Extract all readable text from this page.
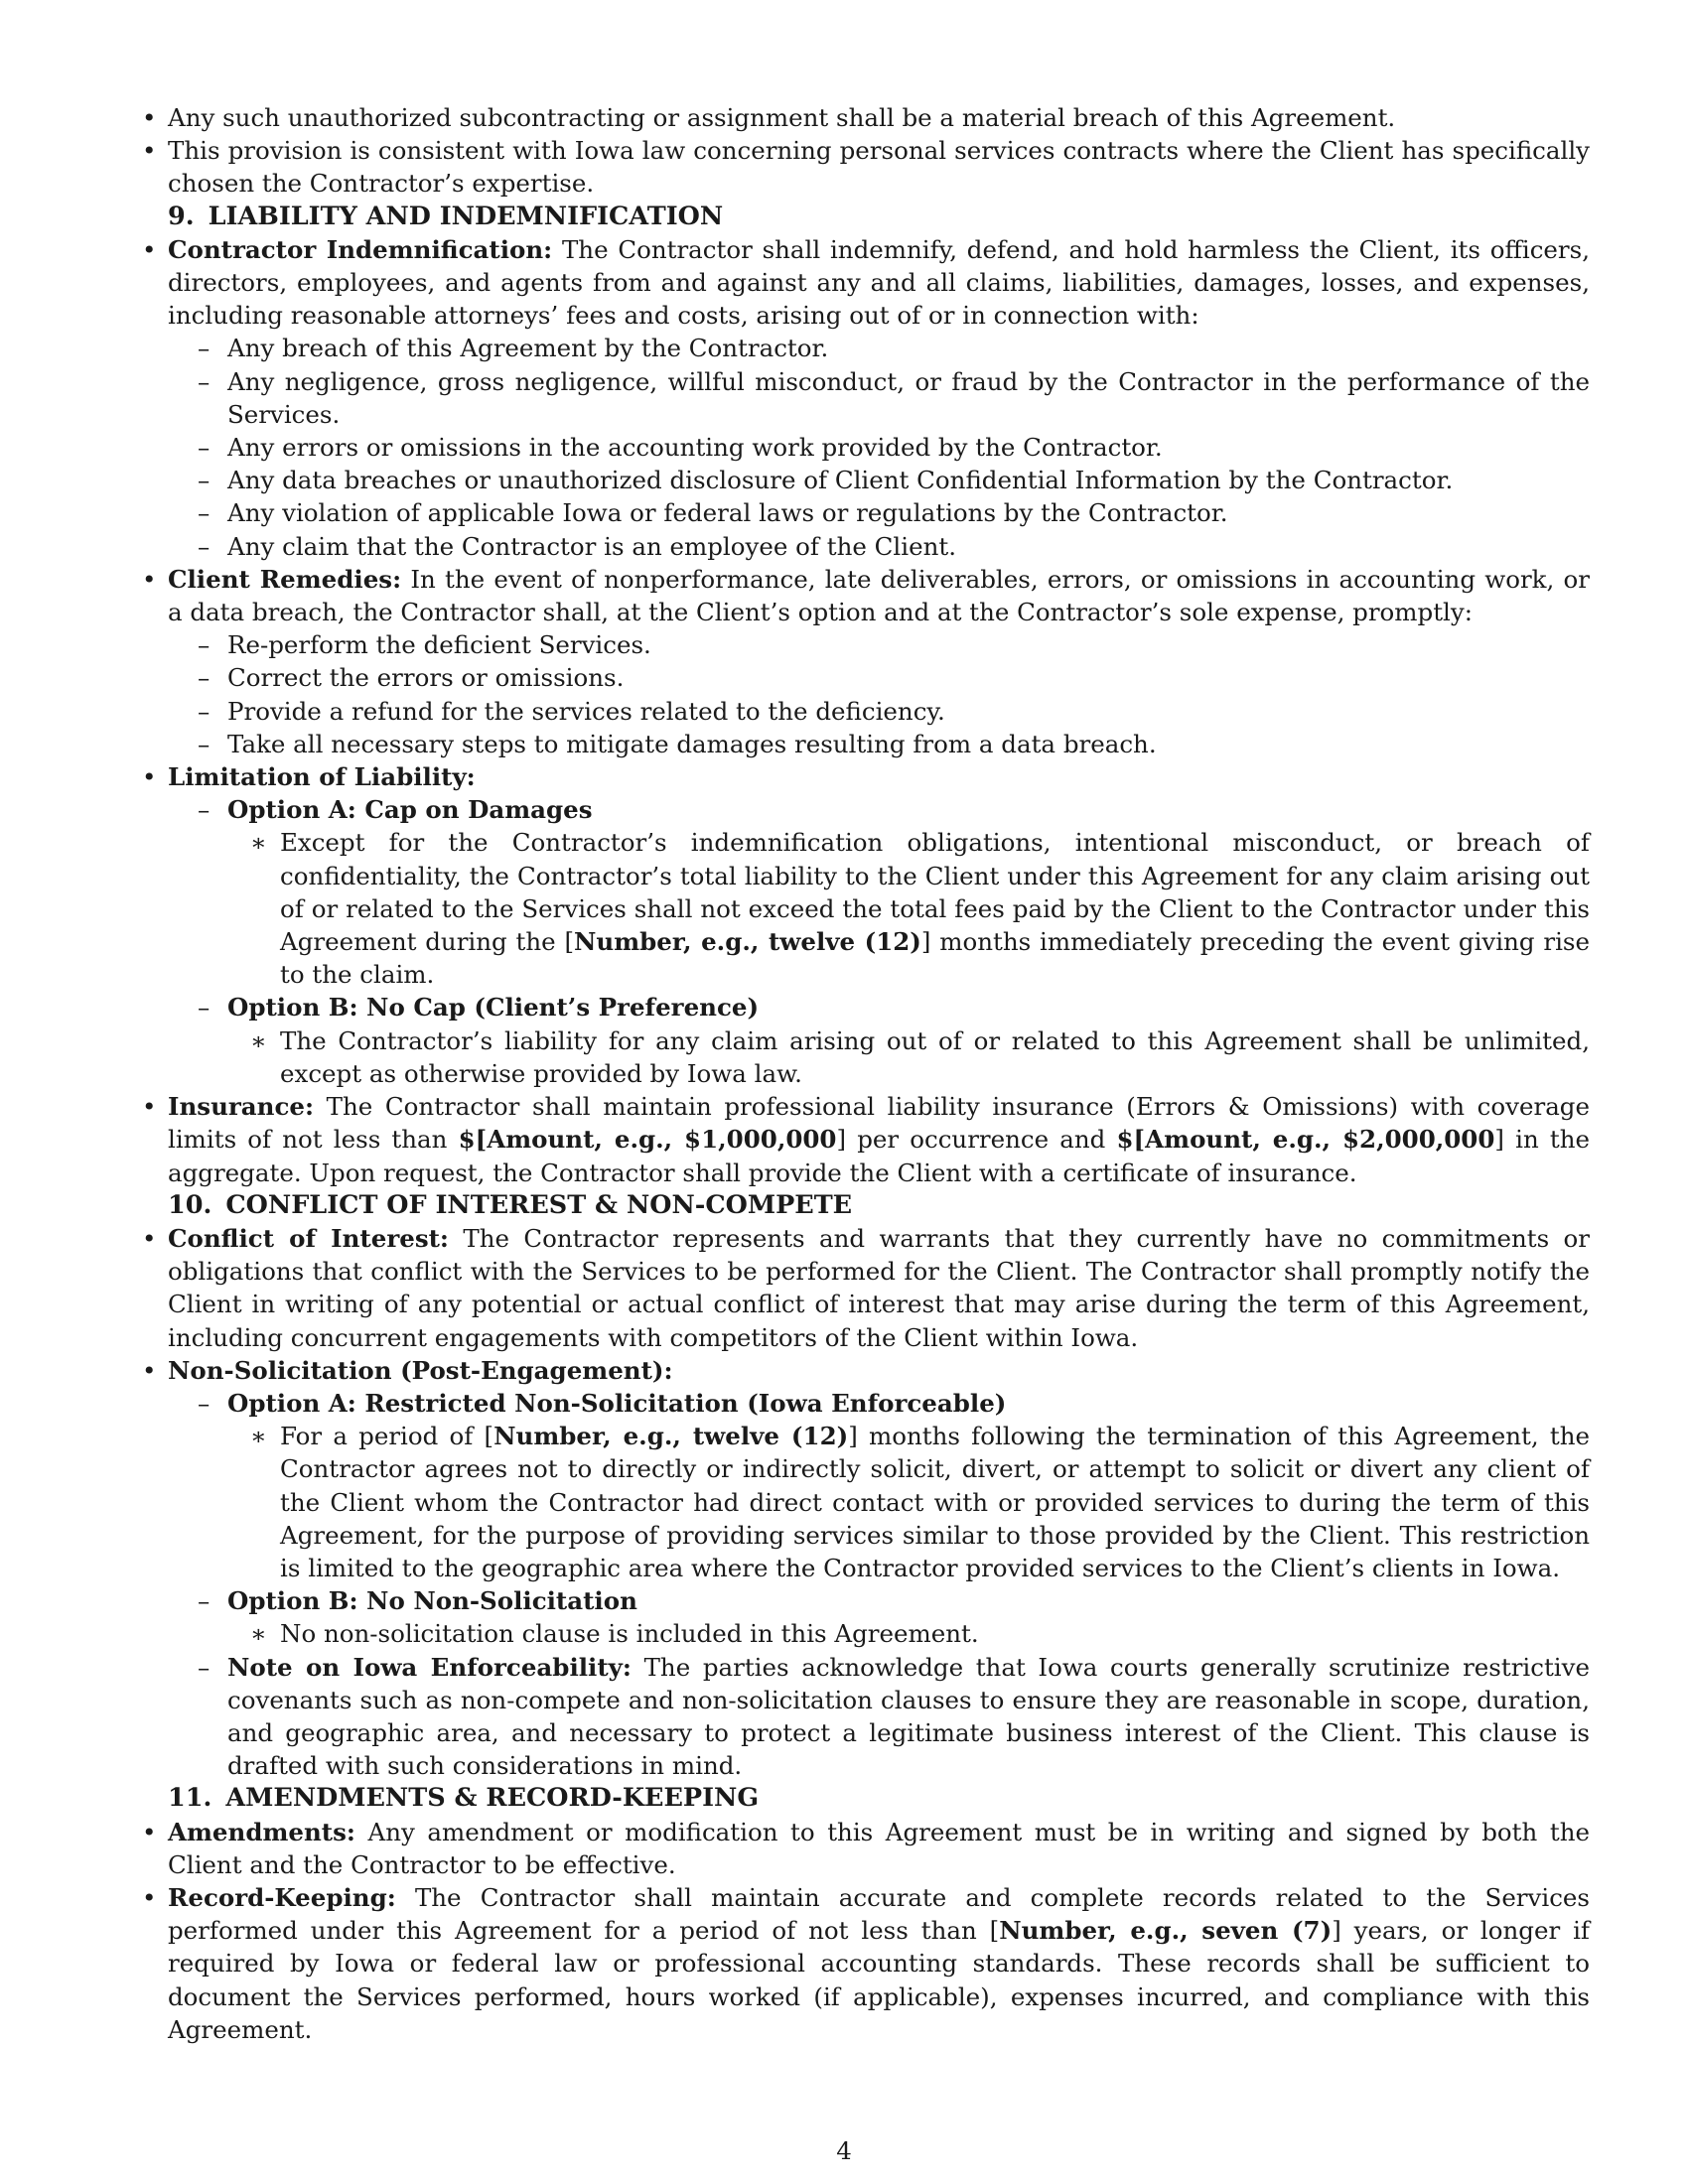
• Any such unauthorized subcontracting or assignment shall be a material breach of this Agreement.

• This provision is consistent with Iowa law concerning personal services contracts where the Client has specifically chosen the Contractor’s expertise.

9. LIABILITY AND INDEMNIFICATION

• Contractor Indemnification: The Contractor shall indemnify, defend, and hold harmless the Client, its officers, directors, employees, and agents from and against any and all claims, liabilities, damages, losses, and expenses, including reasonable attorneys’ fees and costs, arising out of or in connection with:

– Any breach of this Agreement by the Contractor.

– Any negligence, gross negligence, willful misconduct, or fraud by the Contractor in the performance of the Services.

– Any errors or omissions in the accounting work provided by the Contractor.

– Any data breaches or unauthorized disclosure of Client Confidential Information by the Contractor.

– Any violation of applicable Iowa or federal laws or regulations by the Contractor.

– Any claim that the Contractor is an employee of the Client.

• Client Remedies: In the event of nonperformance, late deliverables, errors, or omissions in accounting work, or a data breach, the Contractor shall, at the Client’s option and at the Contractor’s sole expense, promptly:

– Re-perform the deficient Services.

– Correct the errors or omissions.

– Provide a refund for the services related to the deficiency.

– Take all necessary steps to mitigate damages resulting from a data breach.

• Limitation of Liability:

– Option A: Cap on Damages

∗ Except for the Contractor’s indemnification obligations, intentional misconduct, or breach of confidentiality, the Contractor’s total liability to the Client under this Agreement for any claim arising out of or related to the Services shall not exceed the total fees paid by the Client to the Contractor under this Agreement during the [Number, e.g., twelve (12)] months immediately preceding the event giving rise to the claim.

– Option B: No Cap (Client’s Preference)

∗ The Contractor’s liability for any claim arising out of or related to this Agreement shall be unlimited, except as otherwise provided by Iowa law.

• Insurance: The Contractor shall maintain professional liability insurance (Errors & Omissions) with coverage limits of not less than $[Amount, e.g., $1,000,000] per occurrence and $[Amount, e.g., $2,000,000] in the aggregate. Upon request, the Contractor shall provide the Client with a certificate of insurance.

10. CONFLICT OF INTEREST & NON-COMPETE

• Conflict of Interest: The Contractor represents and warrants that they currently have no commitments or obligations that conflict with the Services to be performed for the Client. The Contractor shall promptly notify the Client in writing of any potential or actual conflict of interest that may arise during the term of this Agreement, including concurrent engagements with competitors of the Client within Iowa.

• Non-Solicitation (Post-Engagement):

– Option A: Restricted Non-Solicitation (Iowa Enforceable)

∗ For a period of [Number, e.g., twelve (12)] months following the termination of this Agreement, the Contractor agrees not to directly or indirectly solicit, divert, or attempt to solicit or divert any client of the Client whom the Contractor had direct contact with or provided services to during the term of this Agreement, for the purpose of providing services similar to those provided by the Client. This restriction is limited to the geographic area where the Contractor provided services to the Client’s clients in Iowa.

– Option B: No Non-Solicitation

∗ No non-solicitation clause is included in this Agreement.

– Note on Iowa Enforceability: The parties acknowledge that Iowa courts generally scrutinize restrictive covenants such as non-compete and non-solicitation clauses to ensure they are reasonable in scope, duration, and geographic area, and necessary to protect a legitimate business interest of the Client. This clause is drafted with such considerations in mind.

11. AMENDMENTS & RECORD-KEEPING

• Amendments: Any amendment or modification to this Agreement must be in writing and signed by both the Client and the Contractor to be effective.

• Record-Keeping: The Contractor shall maintain accurate and complete records related to the Services performed under this Agreement for a period of not less than [Number, e.g., seven (7)] years, or longer if required by Iowa or federal law or professional accounting standards. These records shall be sufficient to document the Services performed, hours worked (if applicable), expenses incurred, and compliance with this Agreement.

4
